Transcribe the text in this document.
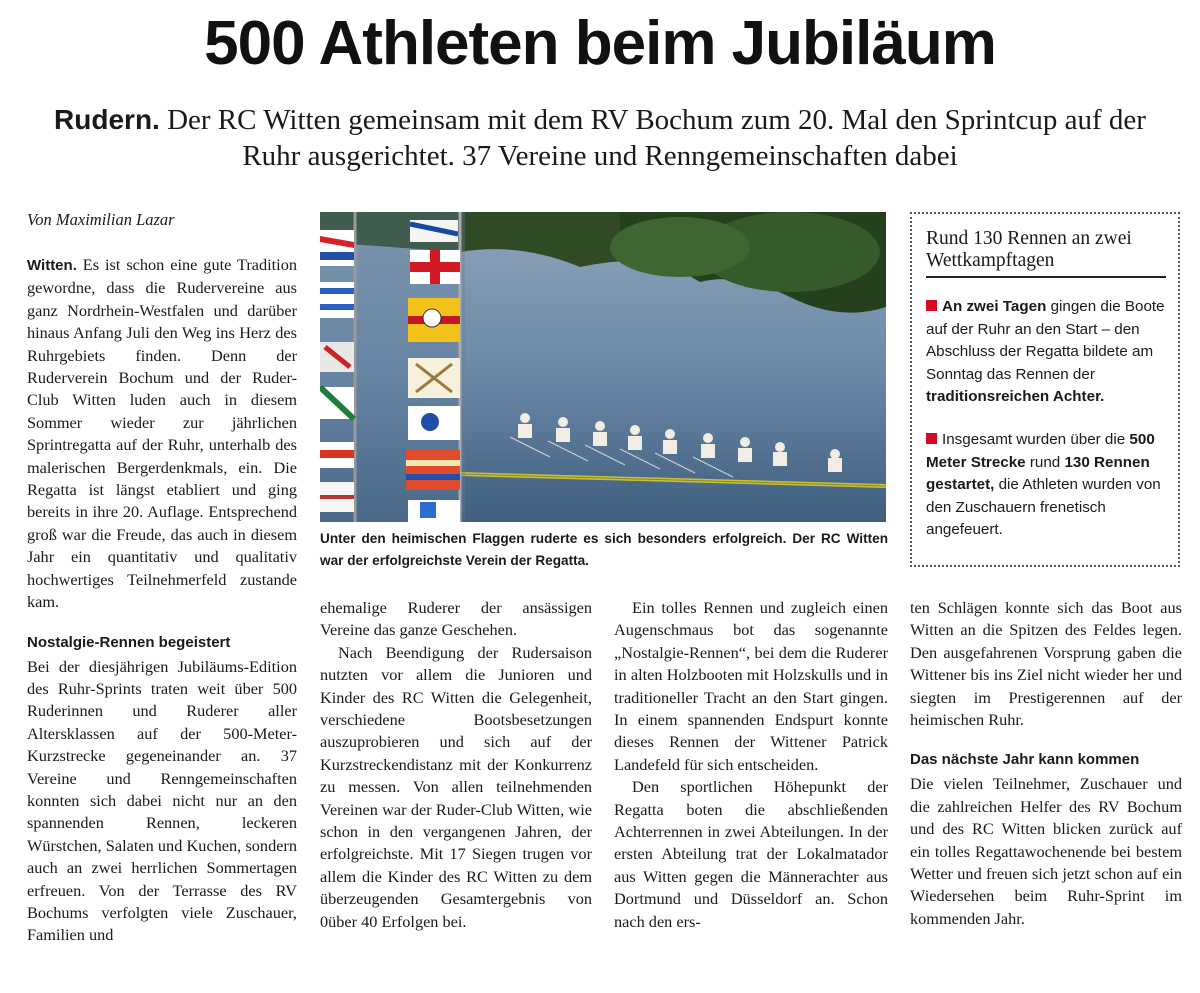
500 Athleten beim Jubiläum

Rudern. Der RC Witten gemeinsam mit dem RV Bochum zum 20. Mal den Sprintcup auf der Ruhr ausgerichtet. 37 Vereine und Renngemeinschaften dabei

Von Maximilian Lazar

Witten. Es ist schon eine gute Tradition gewordne, dass die Rudervereine aus ganz Nordrhein-Westfalen und darüber hinaus Anfang Juli den Weg ins Herz des Ruhrgebiets finden. Denn der Ruderverein Bochum und der Ruder-Club Witten luden auch in diesem Sommer wieder zur jährlichen Sprintregatta auf der Ruhr, unterhalb des malerischen Bergerdenkmals, ein. Die Regatta ist längst etabliert und ging bereits in ihre 20. Auflage. Entsprechend groß war die Freude, das auch in diesem Jahr ein quantitativ und qualitativ hochwertiges Teilnehmerfeld zustande kam.

Nostalgie-Rennen begeistert

Bei der diesjährigen Jubiläums-Edition des Ruhr-Sprints traten weit über 500 Ruderinnen und Ruderer aller Altersklassen auf der 500-Meter-Kurzstrecke gegeneinander an. 37 Vereine und Renngemeinschaften konnten sich dabei nicht nur an den spannenden Rennen, leckeren Würstchen, Salaten und Kuchen, sondern auch an zwei herrlichen Sommertagen erfreuen. Von der Terrasse des RV Bochums verfolgten viele Zuschauer, Familien und

Unter den heimischen Flaggen ruderte es sich besonders erfolgreich. Der RC Witten war der erfolgreichste Verein der Regatta.
Rund 130 Rennen an zwei Wettkampftagen

An zwei Tagen gingen die Boote auf der Ruhr an den Start – den Abschluss der Regatta bildete am Sonntag das Rennen der traditionsreichen Achter.

Insgesamt wurden über die 500 Meter Strecke rund 130 Rennen gestartet, die Athleten wurden von den Zuschauern frenetisch angefeuert.

ehemalige Ruderer der ansässigen Vereine das ganze Geschehen.

Nach Beendigung der Rudersaison nutzten vor allem die Junioren und Kinder des RC Witten die Gelegenheit, verschiedene Bootsbesetzungen auszuprobieren und sich auf der Kurzstreckendistanz mit der Konkurrenz zu messen. Von allen teilnehmenden Vereinen war der Ruder-Club Witten, wie schon in den vergangenen Jahren, der erfolgreichste. Mit 17 Siegen trugen vor allem die Kinder des RC Witten zu dem überzeugenden Gesamtergebnis von 0über 40 Erfolgen bei.

Ein tolles Rennen und zugleich einen Augenschmaus bot das sogenannte „Nostalgie-Rennen“, bei dem die Ruderer in alten Holzbooten mit Holzskulls und in traditioneller Tracht an den Start gingen. In einem spannenden Endspurt konnte dieses Rennen der Wittener Patrick Landefeld für sich entscheiden.

Den sportlichen Höhepunkt der Regatta boten die abschließenden Achterrennen in zwei Abteilungen. In der ersten Abteilung trat der Lokalmatador aus Witten gegen die Männerachter aus Dortmund und Düsseldorf an. Schon nach den ers-

ten Schlägen konnte sich das Boot aus Witten an die Spitzen des Feldes legen. Den ausgefahrenen Vorsprung gaben die Wittener bis ins Ziel nicht wieder her und siegten im Prestigerennen auf der heimischen Ruhr.

Das nächste Jahr kann kommen

Die vielen Teilnehmer, Zuschauer und die zahlreichen Helfer des RV Bochum und des RC Witten blicken zurück auf ein tolles Regattawochenende bei bestem Wetter und freuen sich jetzt schon auf ein Wiedersehen beim Ruhr-Sprint im kommenden Jahr.
